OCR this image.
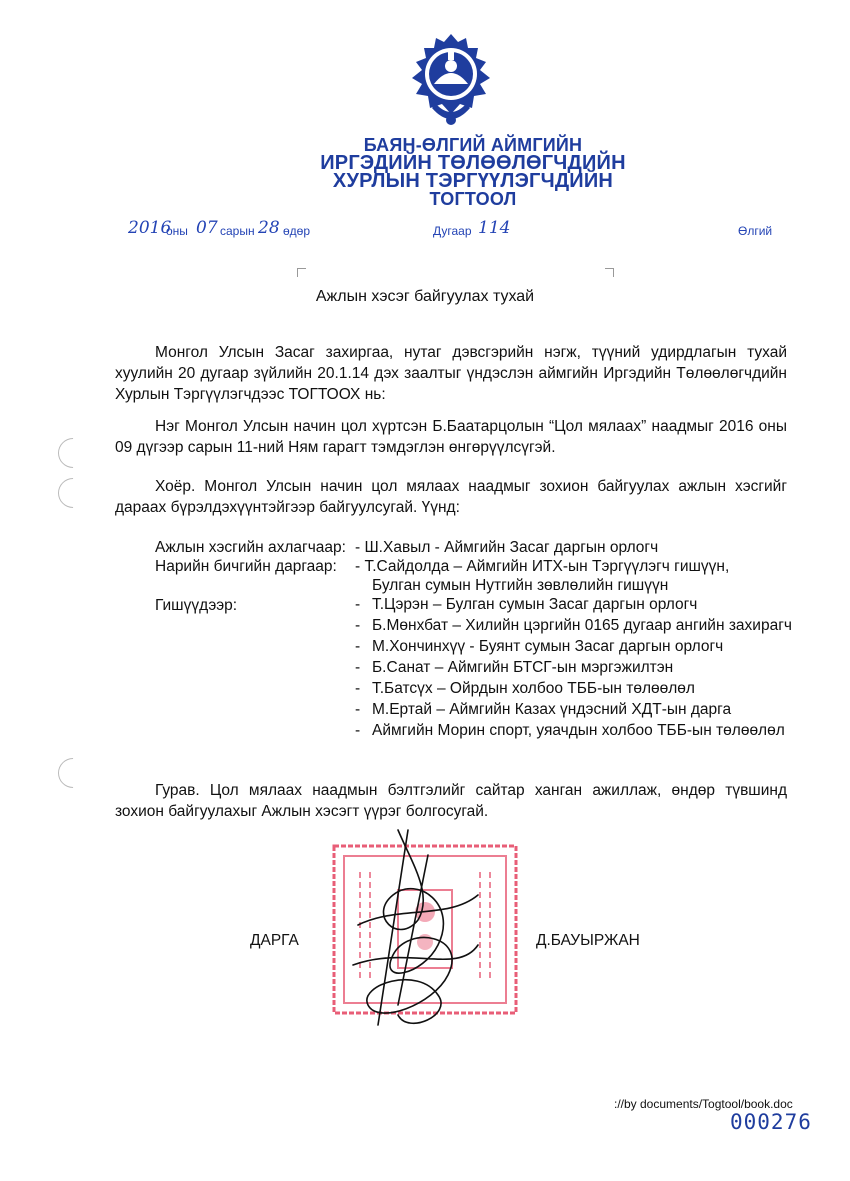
БАЯН-ӨЛГИЙ АЙМГИЙН
ИРГЭДИЙН ТӨЛӨӨЛӨГЧДИЙН
ХУРЛЫН ТЭРГҮҮЛЭГЧДИЙН
ТОГТООЛ
2016
оны 07 сарын 28 өдөр	Дугаар 114	Өлгий
Ажлын хэсэг байгуулах тухай
Монгол Улсын Засаг захиргаа, нутаг дэвсгэрийн нэгж, түүний удирдлагын тухай хуулийн 20 дугаар зүйлийн 20.1.14 дэх заалтыг үндэслэн аймгийн Иргэдийн Төлөөлөгчдийн Хурлын Тэргүүлэгчдээс ТОГТООХ нь:
Нэг Монгол Улсын начин цол хүртсэн Б.Баатарцолын “Цол мялаах” наадмыг 2016 оны 09 дүгээр сарын 11-ний Ням гарагт тэмдэглэн өнгөрүүлсүгэй.
Хоёр. Монгол Улсын начин цол мялаах наадмыг зохион байгуулах ажлын хэсгийг дараах бүрэлдэхүүнтэйгээр байгуулсугай. Үүнд:
Ажлын хэсгийн ахлагчаар: - Ш.Хавыл - Аймгийн Засаг даргын орлогч
Нарийн бичгийн даргаар: - Т.Сайдолда – Аймгийн ИТХ-ын Тэргүүлэгч гишүүн,
Булган сумын Нутгийн зөвлөлийн гишүүн
Гишүүдээр:	- Т.Цэрэн – Булган сумын Засаг даргын орлогч
- Б.Мөнхбат – Хилийн цэргийн 0165 дугаар ангийн захирагч
- М.Хончинхүү - Буянт сумын Засаг даргын орлогч
- Б.Санат – Аймгийн БТСГ-ын мэргэжилтэн
- Т.Батсүх – Ойрдын холбоо ТББ-ын төлөөлөл
- М.Ертай – Аймгийн Казах үндэсний ХДТ-ын дарга
- Аймгийн Морин спорт, уяачдын холбоо ТББ-ын төлөөлөл
Гурав. Цол мялаах наадмын бэлтгэлийг сайтар ханган ажиллаж, өндөр түвшинд зохион байгуулахыг Ажлын хэсэгт үүрэг болгосугай.
ДАРГА	Д.БАУЫРЖАН
://by documents/Togtool/book.doc
000276
